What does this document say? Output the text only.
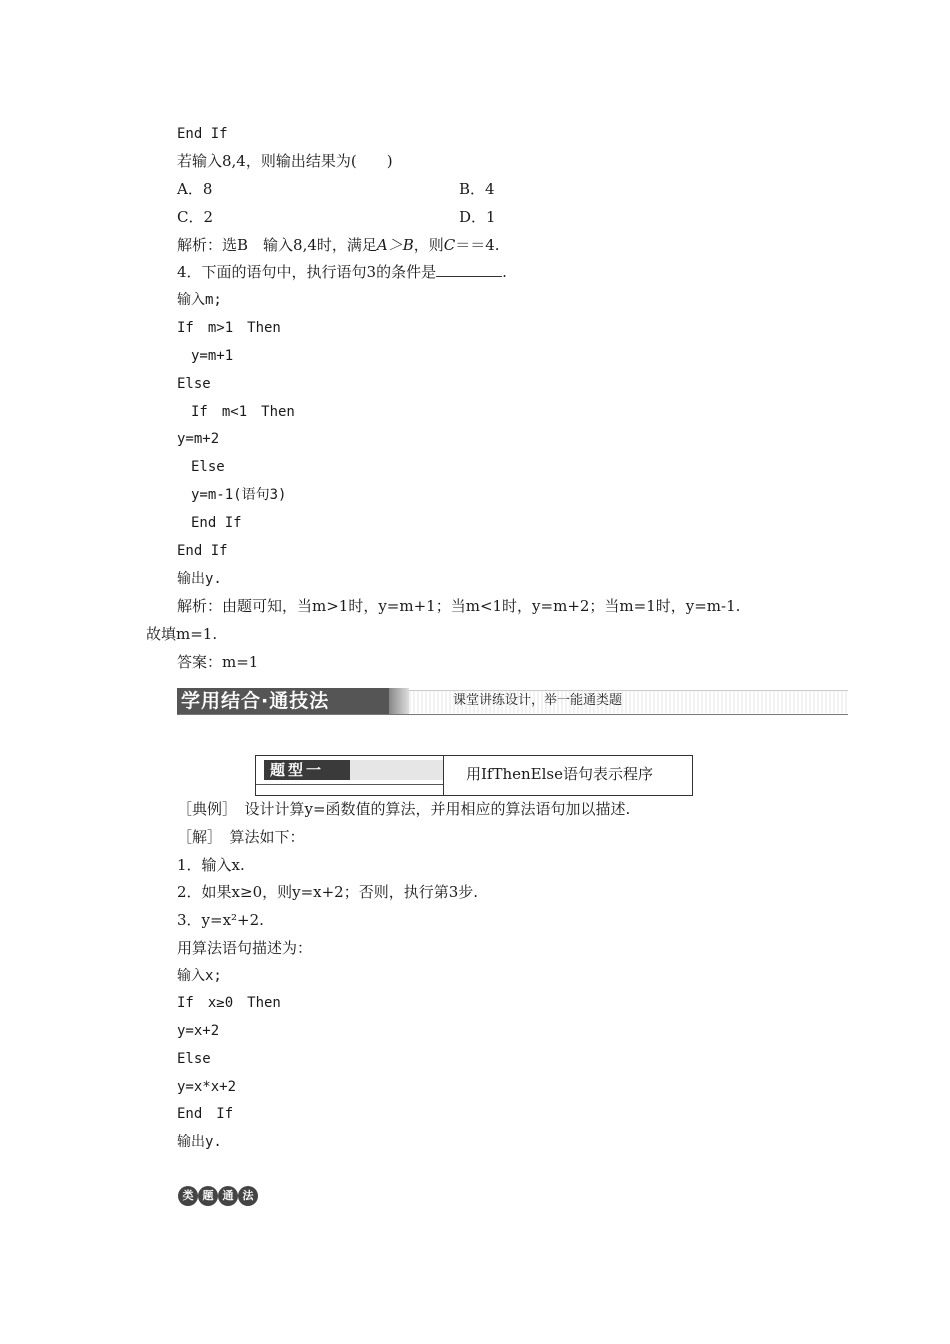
End If
若输入8,4，则输出结果为(　　)
A．8	B．4
C．2	D．1
解析：选B　输入8,4时，满足A＞B，则C＝＝4.
4．下面的语句中，执行语句3的条件是	.
输入m;
If　m>1　Then
　y=m+1
Else
　If　m<1　Then
y=m+2
　Else
　y=m-1(语句3)
　End If
End If
输出y.
解析：由题可知，当m>1时，y=m+1；当m<1时，y=m+2；当m=1时，y=m-1.
故填m=1.
答案：m=1
学用结合·通技法	课堂讲练设计，举一能通类题
题型一	用IfThenElse语句表示程序
［典例］　设计计算y=函数值的算法，并用相应的算法语句加以描述.
［解］　算法如下：
1．输入x.
2．如果x≥0，则y=x+2；否则，执行第3步.
3．y=x²+2.
用算法语句描述为：
输入x;
If　x≥0　Then
y=x+2
Else
y=x*x+2
End　If
输出y.
类 题 通 法
